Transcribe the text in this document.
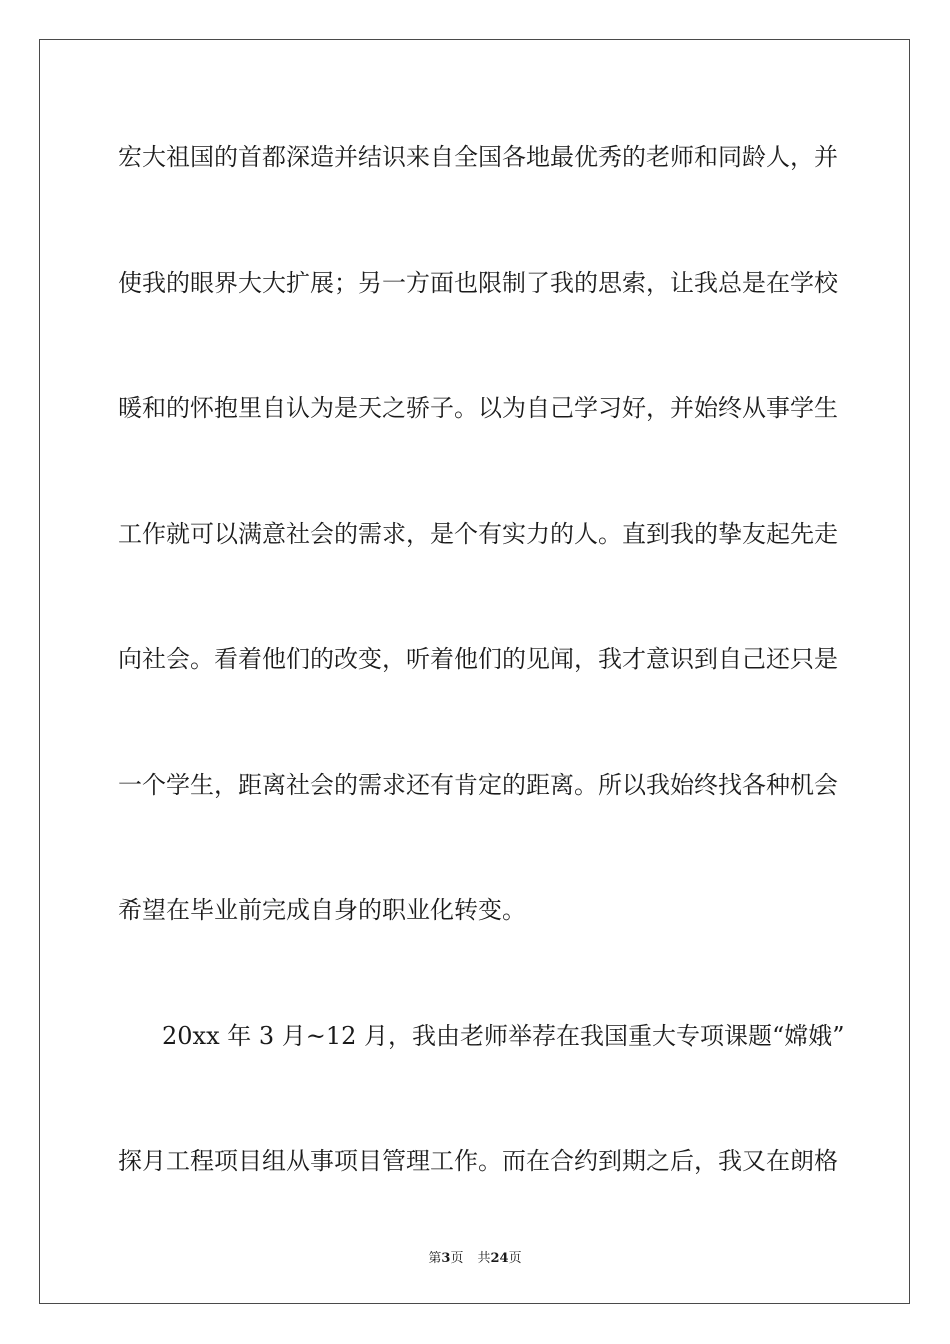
宏大祖国的首都深造并结识来自全国各地最优秀的老师和同龄人，并
使我的眼界大大扩展；另一方面也限制了我的思索，让我总是在学校
暖和的怀抱里自认为是天之骄子。以为自己学习好，并始终从事学生
工作就可以满意社会的需求，是个有实力的人。直到我的挚友起先走
向社会。看着他们的改变，听着他们的见闻，我才意识到自己还只是
一个学生，距离社会的需求还有肯定的距离。所以我始终找各种机会
希望在毕业前完成自身的职业化转变。
20xx 年 3 月~12 月，我由老师举荐在我国重大专项课题“嫦娥”
探月工程项目组从事项目管理工作。而在合约到期之后，我又在朗格
第3页 共24页
